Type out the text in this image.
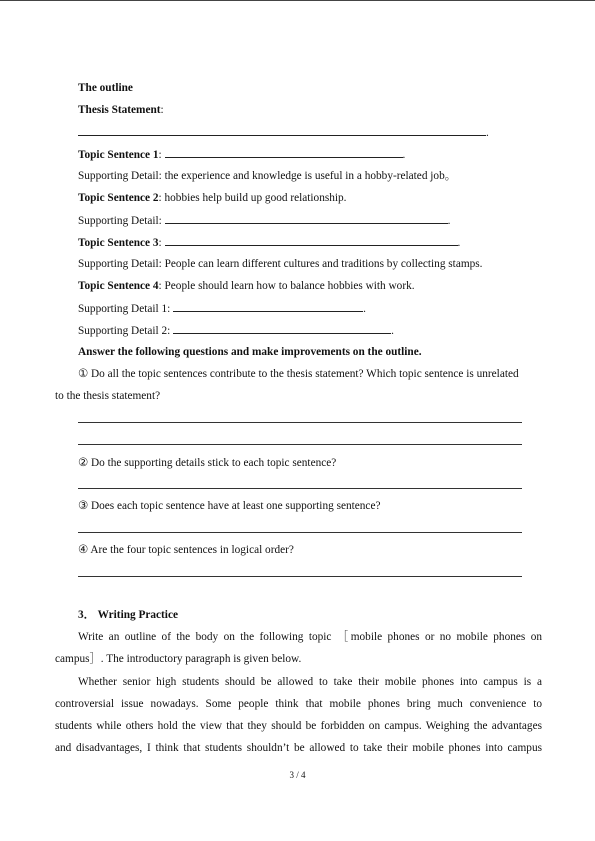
The outline
Thesis Statement:
.
Topic Sentence 1:	.
Supporting Detail: the experience and knowledge is useful in a hobby-related job。
Topic Sentence 2: hobbies help build up good relationship.
Supporting Detail:	.
Topic Sentence 3:	.
Supporting Detail: People can learn different cultures and traditions by collecting stamps.
Topic Sentence 4: People should learn how to balance hobbies with work.
Supporting Detail 1:	.
Supporting Detail 2:	.
Answer the following questions and make improvements on the outline.
① Do all the topic sentences contribute to the thesis statement? Which topic sentence is unrelated
to the thesis statement?
② Do the supporting details stick to each topic sentence?
③ Does each topic sentence have at least one supporting sentence?
④ Are the four topic sentences in logical order?
3． Writing Practice
Write an outline of the body on the following topic ［mobile phones or no mobile phones on
campus］. The introductory paragraph is given below.
Whether senior high students should be allowed to take their mobile phones into campus is a
controversial issue nowadays. Some people think that mobile phones bring much convenience to
students while others hold the view that they should be forbidden on campus. Weighing the advantages
and disadvantages, I think that students shouldn’t be allowed to take their mobile phones into campus
3 / 4
